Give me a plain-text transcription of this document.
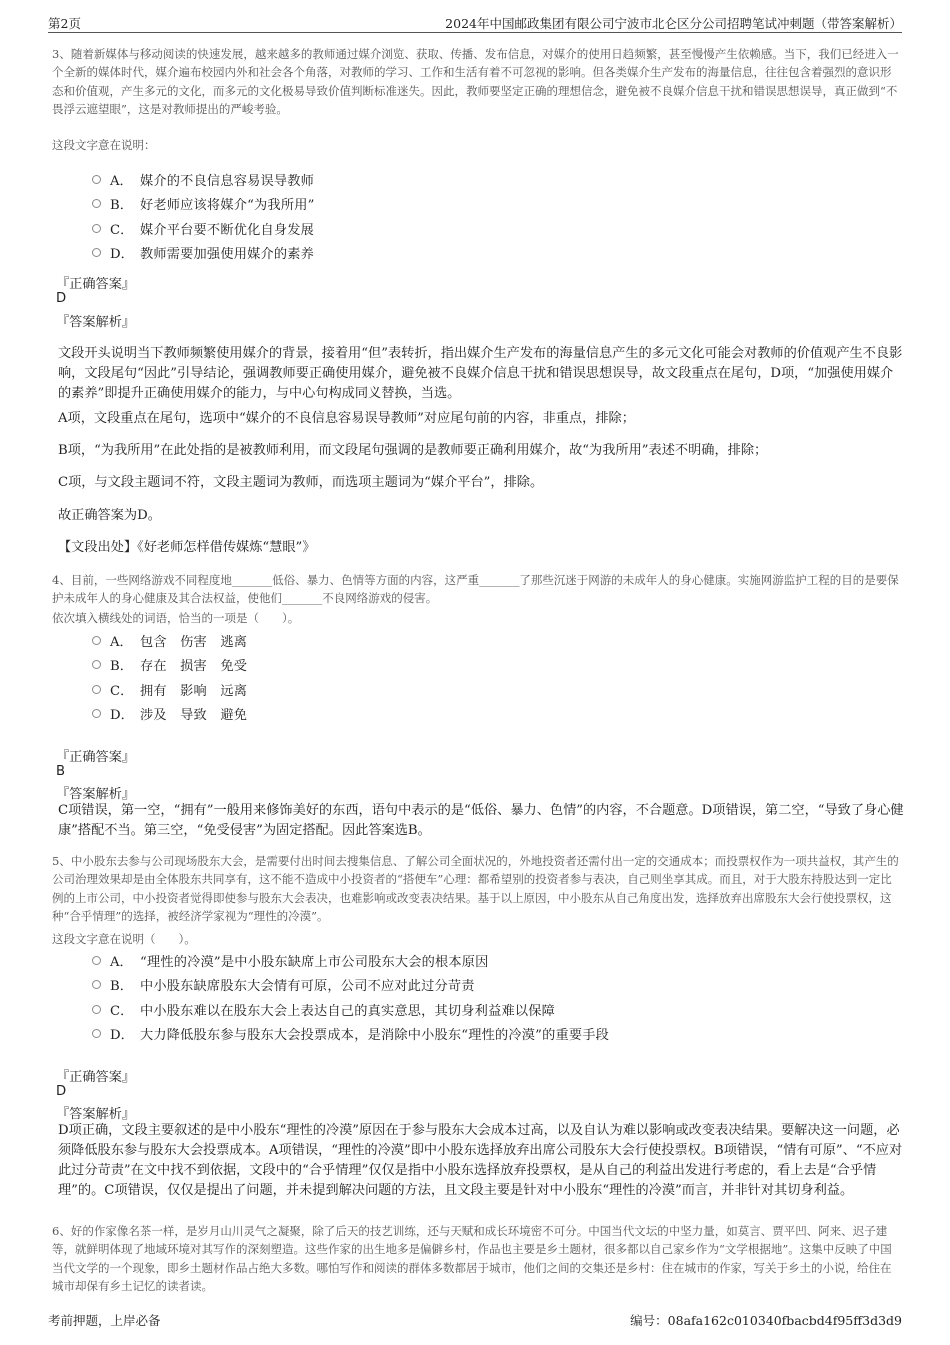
第2页	2024年中国邮政集团有限公司宁波市北仑区分公司招聘笔试冲刺题（带答案解析）

3、随着新媒体与移动阅读的快速发展，越来越多的教师通过媒介浏览、获取、传播、发布信息，对媒介的使用日趋频繁，甚至慢慢产生依赖感。当下，我们已经进入一个全新的媒体时代，媒介遍布校园内外和社会各个角落，对教师的学习、工作和生活有着不可忽视的影响。但各类媒介生产发布的海量信息，往往包含着强烈的意识形态和价值观，产生多元的文化，而多元的文化极易导致价值判断标准迷失。因此，教师要坚定正确的理想信念，避免被不良媒介信息干扰和错误思想误导，真正做到“不畏浮云遮望眼”，这是对教师提出的严峻考验。

这段文字意在说明：

A． 媒介的不良信息容易误导教师
B． 好老师应该将媒介“为我所用”
C． 媒介平台要不断优化自身发展
D． 教师需要加强使用媒介的素养

『正确答案』

D

『答案解析』

文段开头说明当下教师频繁使用媒介的背景，接着用“但”表转折，指出媒介生产发布的海量信息产生的多元文化可能会对教师的价值观产生不良影响，文段尾句“因此”引导结论，强调教师要正确使用媒介，避免被不良媒介信息干扰和错误思想误导，故文段重点在尾句，D项，“加强使用媒介的素养”即提升正确使用媒介的能力，与中心句构成同义替换，当选。

A项，文段重点在尾句，选项中“媒介的不良信息容易误导教师”对应尾句前的内容，非重点，排除；

B项，“为我所用”在此处指的是被教师利用，而文段尾句强调的是教师要正确利用媒介，故“为我所用”表述不明确，排除；

C项，与文段主题词不符，文段主题词为教师，而选项主题词为“媒介平台”，排除。

故正确答案为D。

【文段出处】《好老师怎样借传媒炼“慧眼”》

4、目前，一些网络游戏不同程度地_______低俗、暴力、色情等方面的内容，这严重_______了那些沉迷于网游的未成年人的身心健康。实施网游监护工程的目的是要保护未成年人的身心健康及其合法权益，使他们_______不良网络游戏的侵害。

依次填入横线处的词语，恰当的一项是（　　）。

A． 包含　伤害　逃离
B． 存在　损害　免受
C． 拥有　影响　远离
D． 涉及　导致　避免

『正确答案』

B

『答案解析』

C项错误，第一空，“拥有”一般用来修饰美好的东西，语句中表示的是“低俗、暴力、色情”的内容，不合题意。D项错误，第二空，“导致了身心健康”搭配不当。第三空，“免受侵害”为固定搭配。因此答案选B。

5、中小股东去参与公司现场股东大会，是需要付出时间去搜集信息、了解公司全面状况的，外地投资者还需付出一定的交通成本；而投票权作为一项共益权，其产生的公司治理效果却是由全体股东共同享有，这不能不造成中小投资者的“搭便车”心理：都希望别的投资者参与表决，自己则坐享其成。而且，对于大股东持股达到一定比例的上市公司，中小投资者觉得即使参与股东大会表决，也难影响或改变表决结果。基于以上原因，中小股东从自己角度出发，选择放弃出席股东大会行使投票权，这种“合乎情理”的选择，被经济学家视为“理性的冷漠”。

这段文字意在说明（　　）。

A． “理性的冷漠”是中小股东缺席上市公司股东大会的根本原因
B． 中小股东缺席股东大会情有可原，公司不应对此过分苛责
C． 中小股东难以在股东大会上表达自己的真实意思，其切身利益难以保障
D． 大力降低股东参与股东大会投票成本，是消除中小股东“理性的冷漠”的重要手段

『正确答案』

D

『答案解析』

D项正确，文段主要叙述的是中小股东“理性的冷漠”原因在于参与股东大会成本过高，以及自认为难以影响或改变表决结果。要解决这一问题，必须降低股东参与股东大会投票成本。A项错误，“理性的冷漠”即中小股东选择放弃出席公司股东大会行使投票权。B项错误，“情有可原”、“不应对此过分苛责”在文中找不到依据，文段中的“合乎情理”仅仅是指中小股东选择放弃投票权，是从自己的利益出发进行考虑的，看上去是“合乎情理”的。C项错误，仅仅是提出了问题，并未提到解决问题的方法，且文段主要是针对中小股东“理性的冷漠”而言，并非针对其切身利益。

6、好的作家像名茶一样，是岁月山川灵气之凝聚，除了后天的技艺训练，还与天赋和成长环境密不可分。中国当代文坛的中坚力量，如莫言、贾平凹、阿来、迟子建等，就鲜明体现了地域环境对其写作的深刻塑造。这些作家的出生地多是偏僻乡村，作品也主要是乡土题材，很多都以自己家乡作为“文学根据地”。这集中反映了中国当代文学的一个现象，即乡土题材作品占绝大多数。哪怕写作和阅读的群体多数都居于城市，他们之间的交集还是乡村：住在城市的作家，写关于乡土的小说，给住在城市却保有乡土记忆的读者读。

考前押题，上岸必备	编号：08afa162c010340fbacbd4f95ff3d3d9
